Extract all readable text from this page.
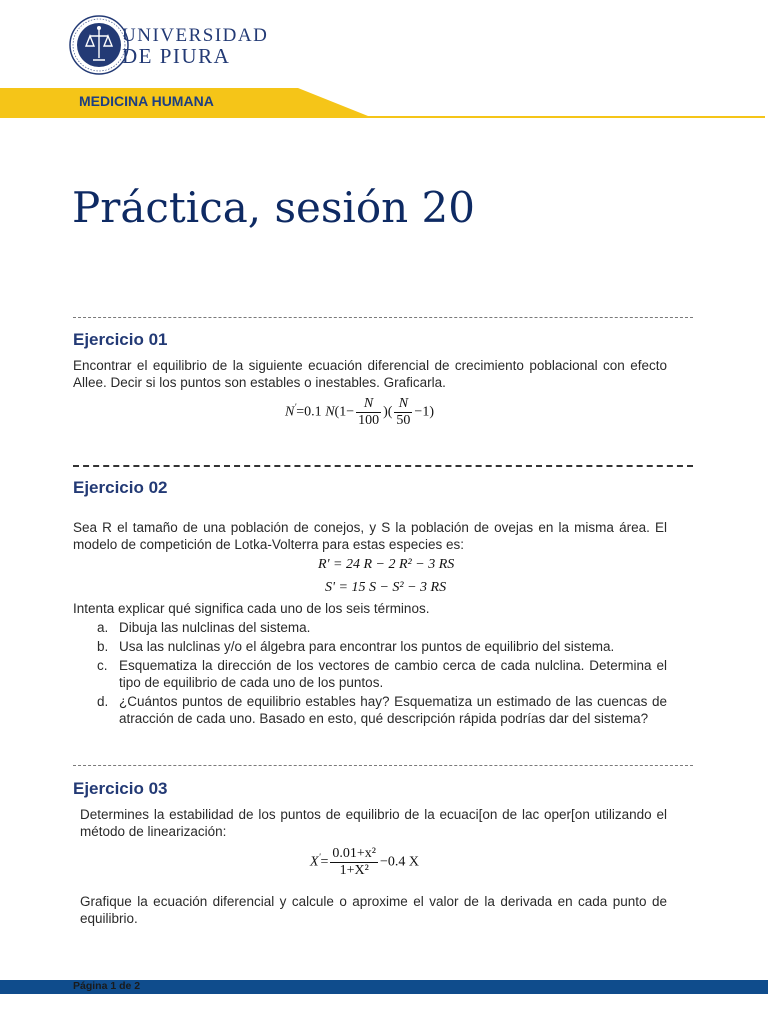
UNIVERSIDAD
DE PIURA
MEDICINA HUMANA
Práctica, sesión 20
Ejercicio 01
Encontrar el equilibrio de la siguiente ecuación diferencial de crecimiento poblacional con efecto Allee. Decir si los puntos son estables o inestables. Graficarla.
N'=0.1 $N(1- \frac{N}{100}$ )( $\frac{N}{50} -1$)
Ejercicio 02
Sea R el tamaño de una población de conejos, y S la población de ovejas en la misma área. El modelo de competición de Lotka-Volterra para estas especies es:
R' = 24 R − 2 R² − 3 RS
S' = 15 S − S² − 3 RS
Intenta explicar qué significa cada uno de los seis términos.
a. Dibuja las nulclinas del sistema.
b. Usa las nulclinas y/o el álgebra para encontrar los puntos de equilibrio del sistema.
c. Esquematiza la dirección de los vectores de cambio cerca de cada nulclina. Determina el tipo de equilibrio de cada uno de los puntos.
d. ¿Cuántos puntos de equilibrio estables hay? Esquematiza un estimado de las cuencas de atracción de cada uno. Basado en esto, qué descripción rápida podrías dar del sistema?
Ejercicio 03
Determines la estabilidad de los puntos de equilibrio de la ecuaci[on de lac oper[on utilizando el método de linearización:
$X'= \frac{\text{0.01+x²}}{\text{1+X²}} -0.4$ X
Grafique la ecuación diferencial y calcule o aproxime el valor de la derivada en cada punto de equilibrio.
Página 1 de 2
